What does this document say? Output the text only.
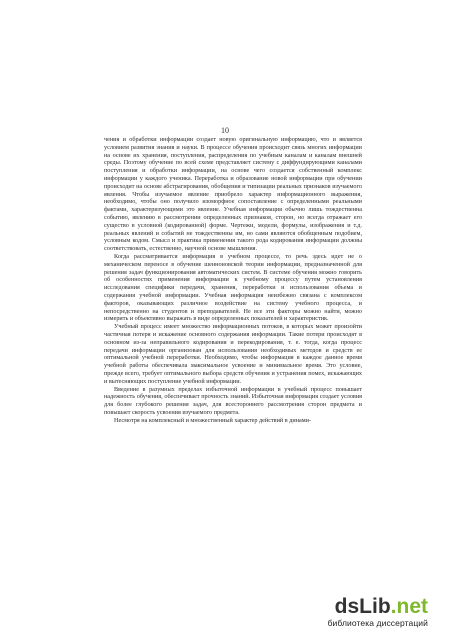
10

чения и обработки информации создает новую оригинальную информацию, что и является условием развития знания и науки. В процессе обучения происходит связь многих информации на основе их хранения, поступления, распределения по учебным каналам и каналам внешней среды. Поэтому обучение по всей схеме представляет систему с диффундирующими каналами поступления и обработки информации, на основе чего создается собственный комплекс информации у каждого ученика. Переработка и образование новой информации при обучении происходит на основе абстрагирования, обобщения и типизации реальных признаков изучаемого явления. Чтобы изучаемое явление приобрело характер информационного выражения, необходимо, чтобы оно получило изоморфное сопоставление с определенными реальными фактами, характеризующими это явление. Учебная информация обычно лишь тождественна событию, явлению в рассмотрении определенных признаков, сторон, но всегда отражает его существо в условной (кодированной) форме. Чертежи, модели, формулы, изображения и т.д. реальных явлений и событий не тождественны им, но сами являются обобщенным подобием, условным кодом. Смысл и практика применения такого рода кодирования информации должны соответствовать, естественно, научной основе мышления.

Когда рассматривается информация в учебном процессе, то речь здесь идет не о механическом переносе в обучение шенноновской теории информации, предназначенной для решения задач функционирования автоматических систем. В системе обучения можно говорить об особенностях применения информации к учебному процессу путем установления исследования специфики передачи, хранения, переработки и использования объема и содержания учебной информации. Учебная информация неизбежно связана с комплексом факторов, оказывающих различное воздействие на систему учебного процесса, и непосредственно на студентов и преподавателей. Не все эти факторы можно найти, можно измерить и объективно выражать в виде определенных показателей и характеристик.

Учебный процесс имеет множество информационных потоков, в которых может произойти частичная потеря и искажение основного содержания информации. Такие потери происходят в основном из-за неправильного кодирования и перекодирования, т. е. тогда, когда процесс передачи информации организован для использования необходимых методов и средств ее оптимальной учебной переработки. Необходимо, чтобы информация в каждое данное время учебной работы обеспечивала максимальное усвоение и минимальное время. Это условие, прежде всего, требует оптимального выбора средств обучения и устранения помех, искажающих и вытесняющих поступление учебной информации.

Введение в разумных пределах избыточной информации в учебный процесс повышает надежность обучения, обеспечивает прочность знаний. Избыточная информация создает условия для более глубокого решения задач, для всестороннего рассмотрения сторон предмета и повышает скорость усвоения изучаемого предмета.

Несмотря на комплексный и множественный характер действий в динами-

dsLib.net
библиотека диссертаций
